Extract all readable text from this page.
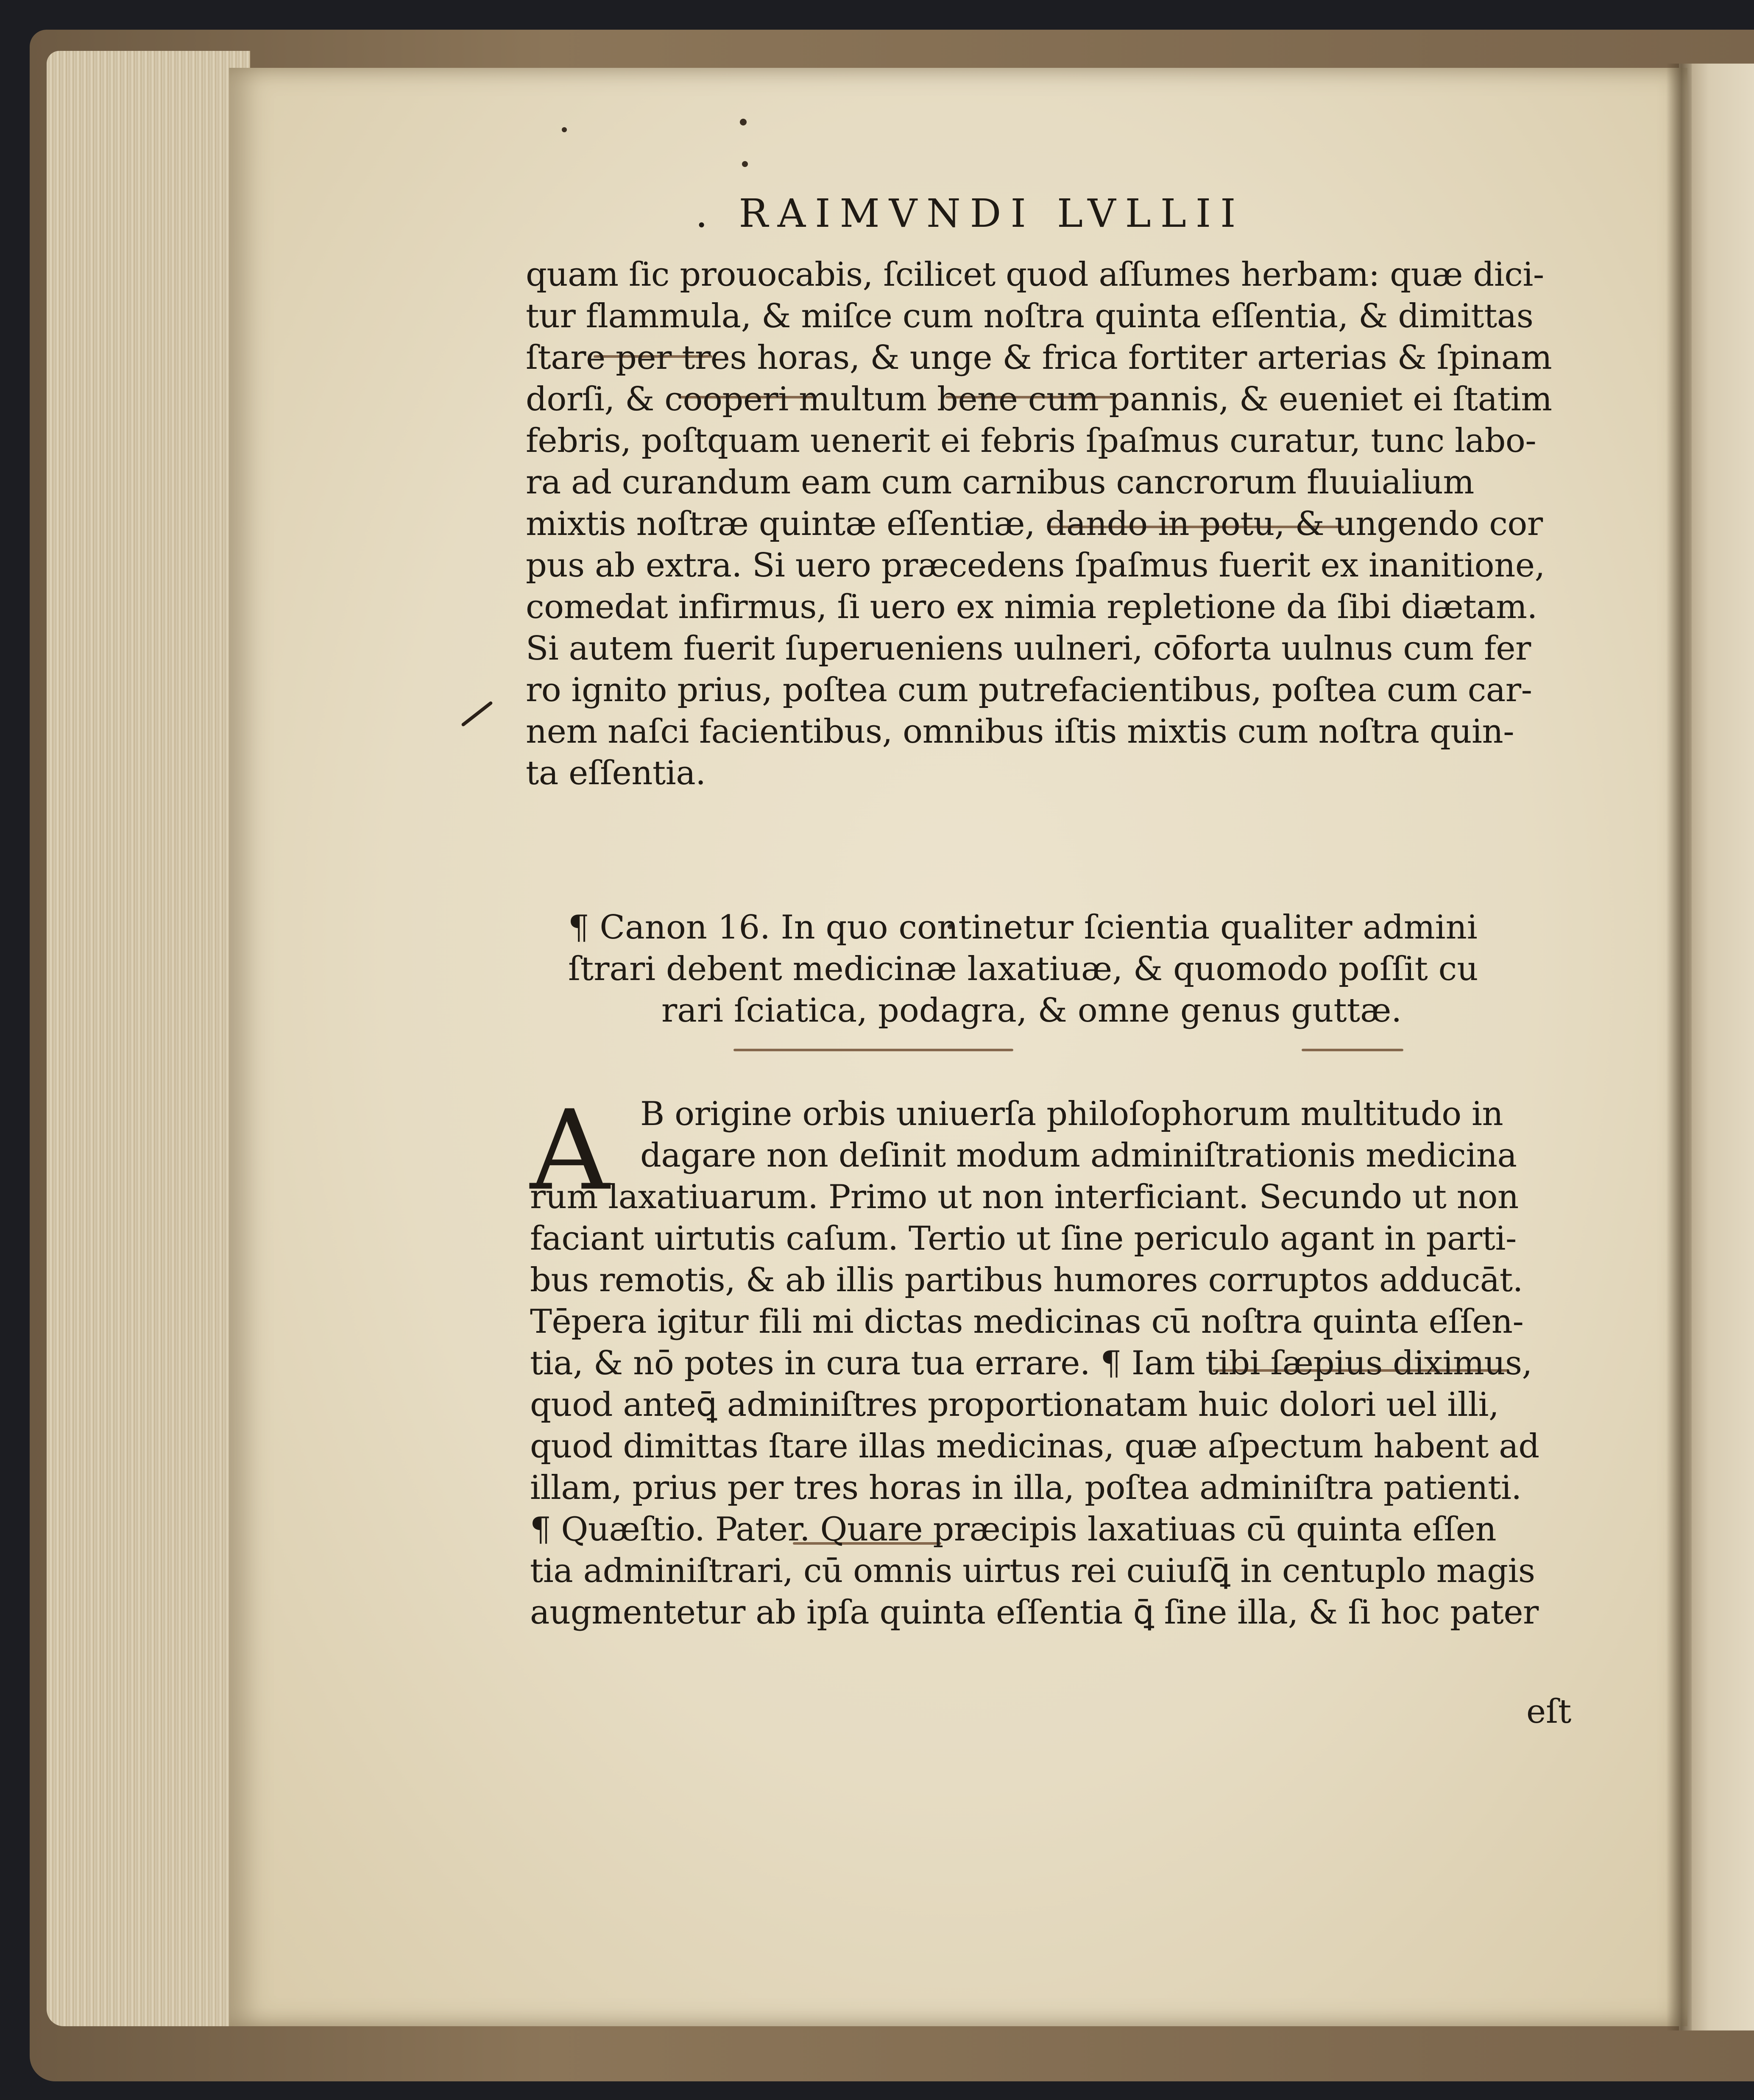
. RAIMVNDI LVLLII
A
eſt
quam ſic prouocabis, ſcilicet quod aſſumes herbam: quæ dici-
tur flammula, & miſce cum noſtra quinta eſſentia, & dimittas
ſtare per tres horas, & unge & frica fortiter arterias & ſpinam
dorſi, & cooperi multum bene cum pannis, & eueniet ei ſtatim
febris, poſtquam uenerit ei febris ſpaſmus curatur, tunc labo-
ra ad curandum eam cum carnibus cancrorum fluuialium
mixtis noſtræ quintæ eſſentiæ, dando in potu, & ungendo cor
pus ab extra. Si uero præcedens ſpaſmus fuerit ex inanitione,
comedat infirmus, ſi uero ex nimia repletione da ſibi diætam.
Si autem fuerit ſuperueniens uulneri, cōforta uulnus cum fer
ro ignito prius, poſtea cum putrefacientibus, poſtea cum car-
nem naſci facientibus, omnibus iſtis mixtis cum noſtra quin-
ta eſſentia.
¶ Canon 16. In quo continetur ſcientia qualiter admini
ſtrari debent medicinæ laxatiuæ, & quomodo poſſit cu
rari ſciatica, podagra, & omne genus guttæ.
B origine orbis uniuerſa philoſophorum multitudo in
dagare non deſinit modum adminiſtrationis medicina
rum laxatiuarum. Primo ut non interficiant. Secundo ut non
faciant uirtutis caſum. Tertio ut ſine periculo agant in parti-
bus remotis, & ab illis partibus humores corruptos adducāt.
Tēpera igitur fili mi dictas medicinas cū noſtra quinta eſſen-
tia, & nō potes in cura tua errare. ¶ Iam tibi ſæpius diximus,
quod anteꝗ̄ adminiſtres proportionatam huic dolori uel illi,
quod dimittas ſtare illas medicinas, quæ aſpectum habent ad
illam, prius per tres horas in illa, poſtea adminiſtra patienti.
¶ Quæſtio. Pater. Quare præcipis laxatiuas cū quinta eſſen
tia adminiſtrari, cū omnis uirtus rei cuiuſꝗ̄ in centuplo magis
augmentetur ab ipſa quinta eſſentia ꝗ̄ ſine illa, & ſi hoc pater
